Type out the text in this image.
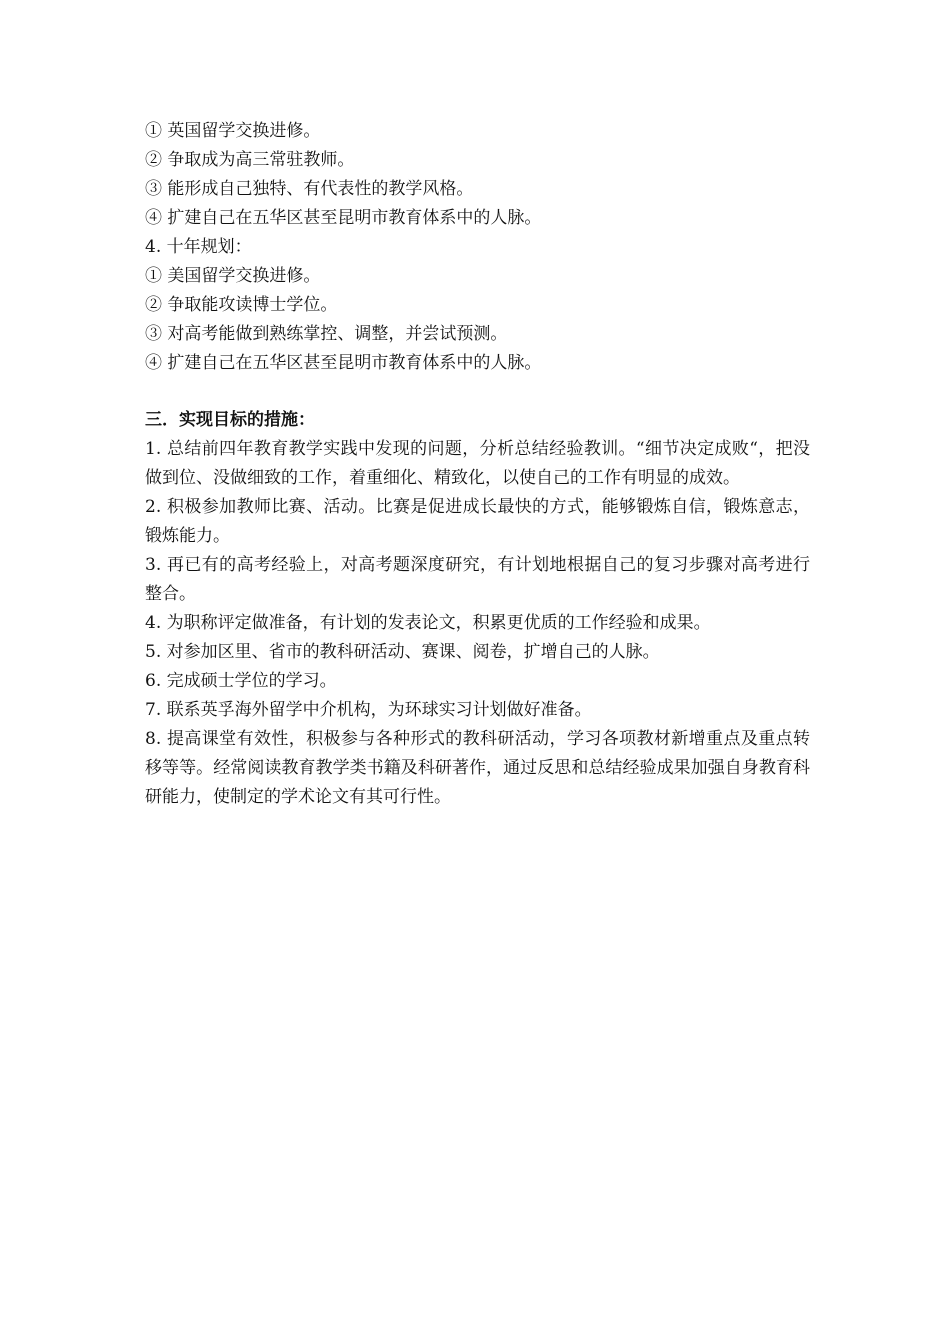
① 英国留学交换进修。

② 争取成为高三常驻教师。

③ 能形成自己独特、有代表性的教学风格。

④ 扩建自己在五华区甚至昆明市教育体系中的人脉。

4. 十年规划：

① 美国留学交换进修。

② 争取能攻读博士学位。

③ 对高考能做到熟练掌控、调整，并尝试预测。

④ 扩建自己在五华区甚至昆明市教育体系中的人脉。

三．实现目标的措施：

1. 总结前四年教育教学实践中发现的问题，分析总结经验教训。“细节决定成败“，把没做到位、没做细致的工作，着重细化、精致化，以使自己的工作有明显的成效。

2. 积极参加教师比赛、活动。比赛是促进成长最快的方式，能够锻炼自信，锻炼意志，锻炼能力。

3. 再已有的高考经验上，对高考题深度研究，有计划地根据自己的复习步骤对高考进行整合。

4. 为职称评定做准备，有计划的发表论文，积累更优质的工作经验和成果。

5. 对参加区里、省市的教科研活动、赛课、阅卷，扩增自己的人脉。

6. 完成硕士学位的学习。

7. 联系英孚海外留学中介机构，为环球实习计划做好准备。

8. 提高课堂有效性，积极参与各种形式的教科研活动，学习各项教材新增重点及重点转移等等。经常阅读教育教学类书籍及科研著作，通过反思和总结经验成果加强自身教育科研能力，使制定的学术论文有其可行性。
